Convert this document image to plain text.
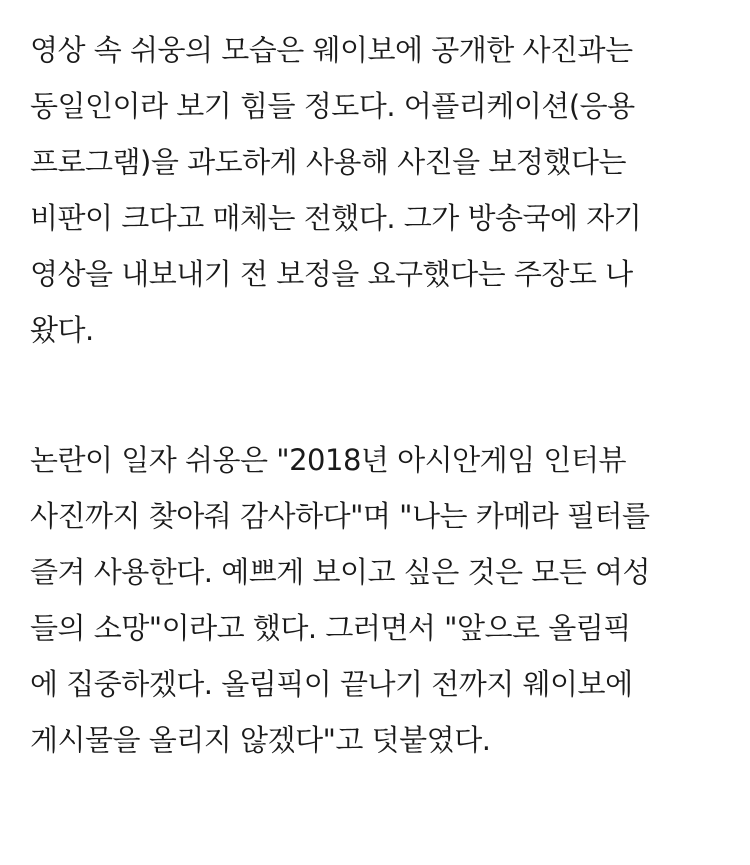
영상 속 쉬웅의 모습은 웨이보에 공개한 사진과는
동일인이라 보기 힘들 정도다. 어플리케이션(응용
프로그램)을 과도하게 사용해 사진을 보정했다는
비판이 크다고 매체는 전했다. 그가 방송국에 자기
영상을 내보내기 전 보정을 요구했다는 주장도 나
왔다.

논란이 일자 쉬옹은 "2018년 아시안게임 인터뷰
사진까지 찾아줘 감사하다"며 "나는 카메라 필터를
즐겨 사용한다. 예쁘게 보이고 싶은 것은 모든 여성
들의 소망"이라고 했다. 그러면서 "앞으로 올림픽
에 집중하겠다. 올림픽이 끝나기 전까지 웨이보에
게시물을 올리지 않겠다"고 덧붙였다.
